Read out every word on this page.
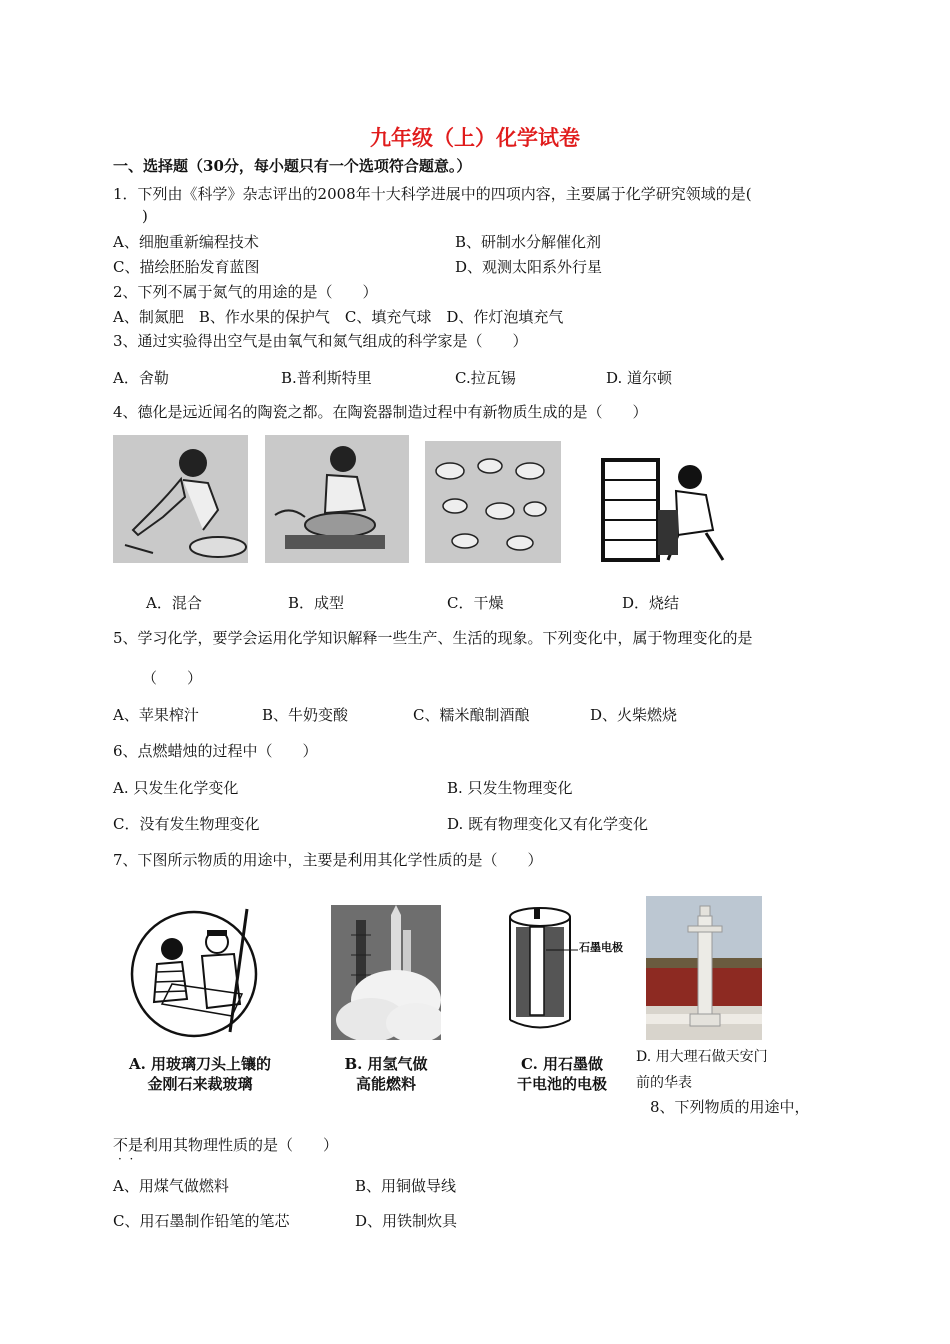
九年级（上）化学试卷
一、选择题（30分，每小题只有一个选项符合题意。）
1．下列由《科学》杂志评出的2008年十大科学进展中的四项内容，主要属于化学研究领域的是(
)
A、细胞重新编程技术	B、研制水分解催化剂
C、描绘胚胎发育蓝图	D、观测太阳系外行星
2、下列不属于氮气的用途的是（　　）
A、制氮肥　B、作水果的保护气　C、填充气球　D、作灯泡填充气
3、通过实验得出空气是由氧气和氮气组成的科学家是（　　）
A．舍勒	B.普利斯特里	C.拉瓦锡	D. 道尔顿
4、德化是远近闻名的陶瓷之都。在陶瓷器制造过程中有新物质生成的是（　　）
A．混合	B．成型	C．干燥	D．烧结
5、学习化学，要学会运用化学知识解释一些生产、生活的现象。下列变化中，属于物理变化的是
（　　）
A、苹果榨汁	B、牛奶变酸	C、糯米酿制酒酿	D、火柴燃烧
6、点燃蜡烛的过程中（　　）
A. 只发生化学变化	B. 只发生物理变化
C．没有发生物理变化	D. 既有物理变化又有化学变化
7、下图所示物质的用途中，主要是利用其化学性质的是（　　）
石墨电极
A. 用玻璃刀头上镶的
金刚石来裁玻璃
B. 用氢气做
高能燃料
C. 用石墨做
干电池的电极
D. 用大理石做天安门
前的华表
8、下列物质的用途中，
不是利用其物理性质的是（　　）
·  ·
A、用煤气做燃料	B、用铜做导线
C、用石墨制作铅笔的笔芯	D、用铁制炊具
